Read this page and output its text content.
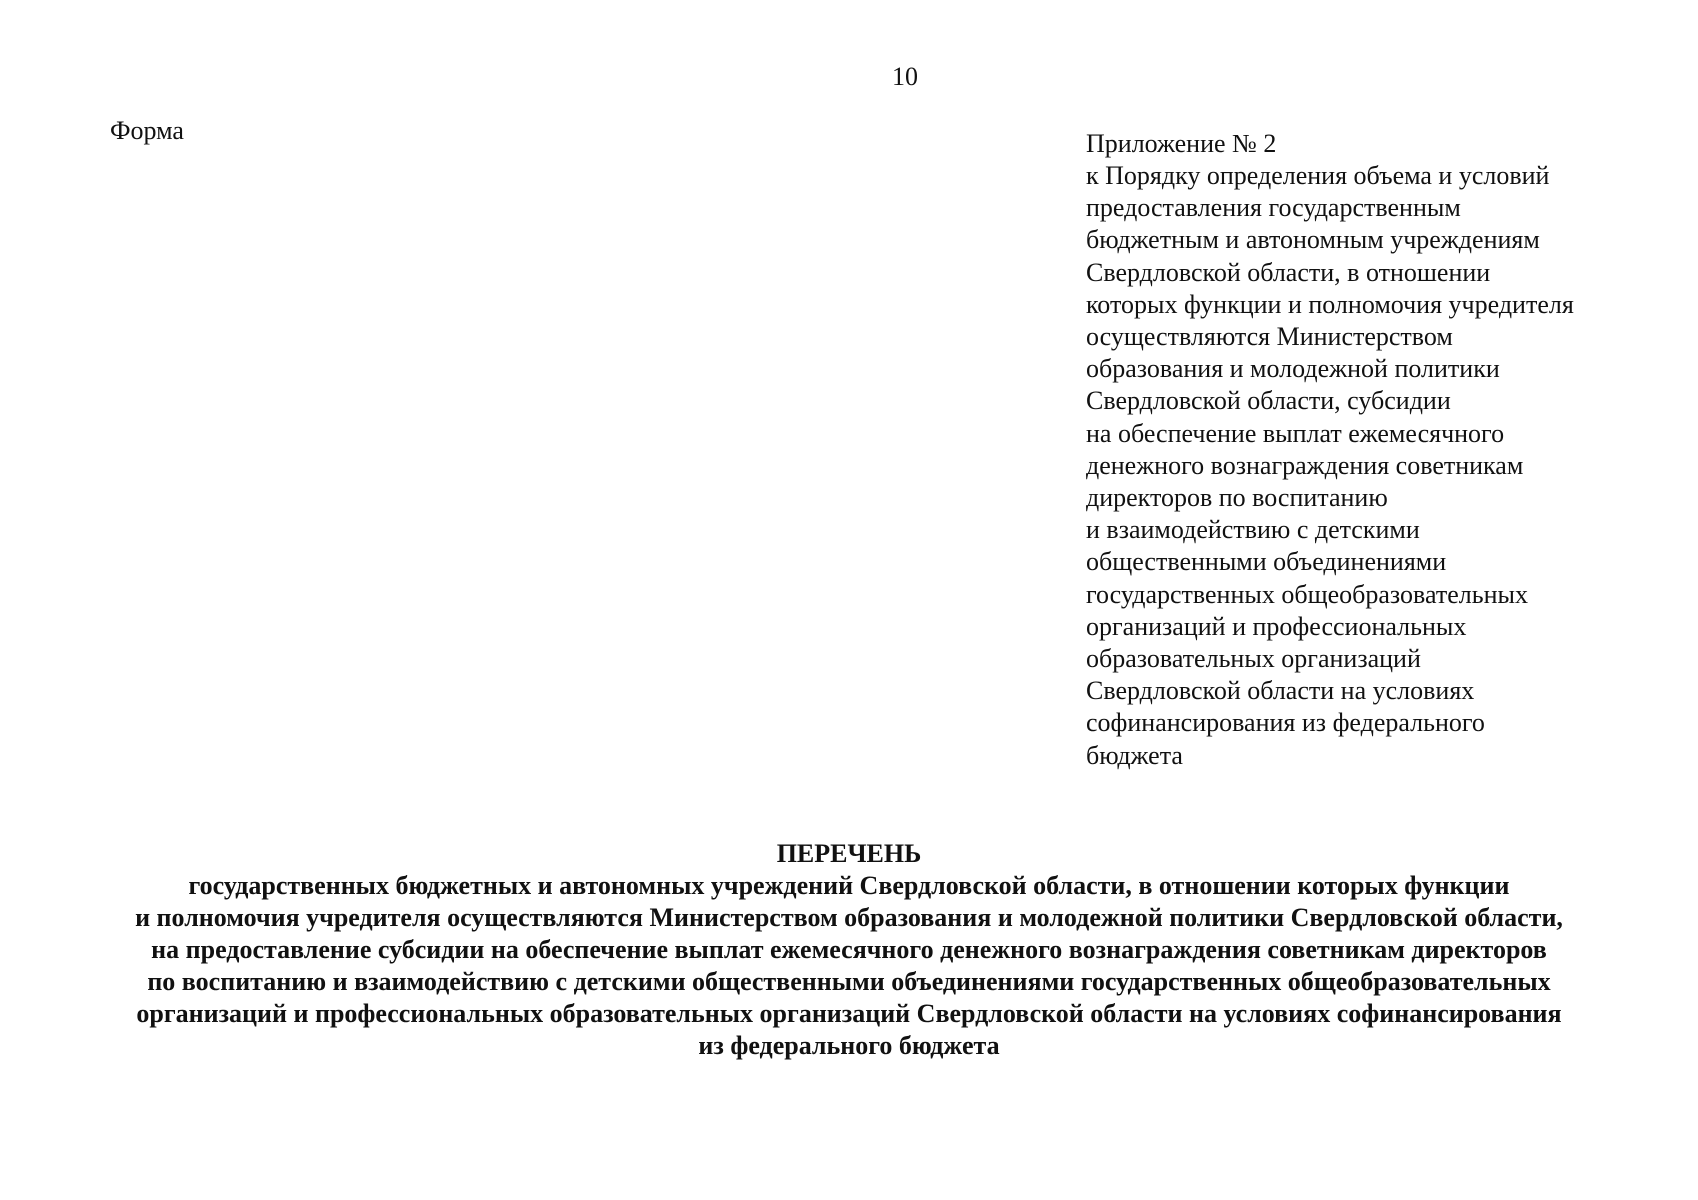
10
Форма	Приложение № 2
к Порядку определения объема и условий
предоставления государственным
бюджетным и автономным учреждениям
Свердловской области, в отношении
которых функции и полномочия учредителя
осуществляются Министерством
образования и молодежной политики
Свердловской области, субсидии
на обеспечение выплат ежемесячного
денежного вознаграждения советникам
директоров по воспитанию
и взаимодействию с детскими
общественными объединениями
государственных общеобразовательных
организаций и профессиональных
образовательных организаций
Свердловской области на условиях
софинансирования из федерального
бюджета
ПЕРЕЧЕНЬ
государственных бюджетных и автономных учреждений Свердловской области, в отношении которых функции
и полномочия учредителя осуществляются Министерством образования и молодежной политики Свердловской области,
на предоставление субсидии на обеспечение выплат ежемесячного денежного вознаграждения советникам директоров
по воспитанию и взаимодействию с детскими общественными объединениями государственных общеобразовательных
организаций и профессиональных образовательных организаций Свердловской области на условиях софинансирования
из федерального бюджета
